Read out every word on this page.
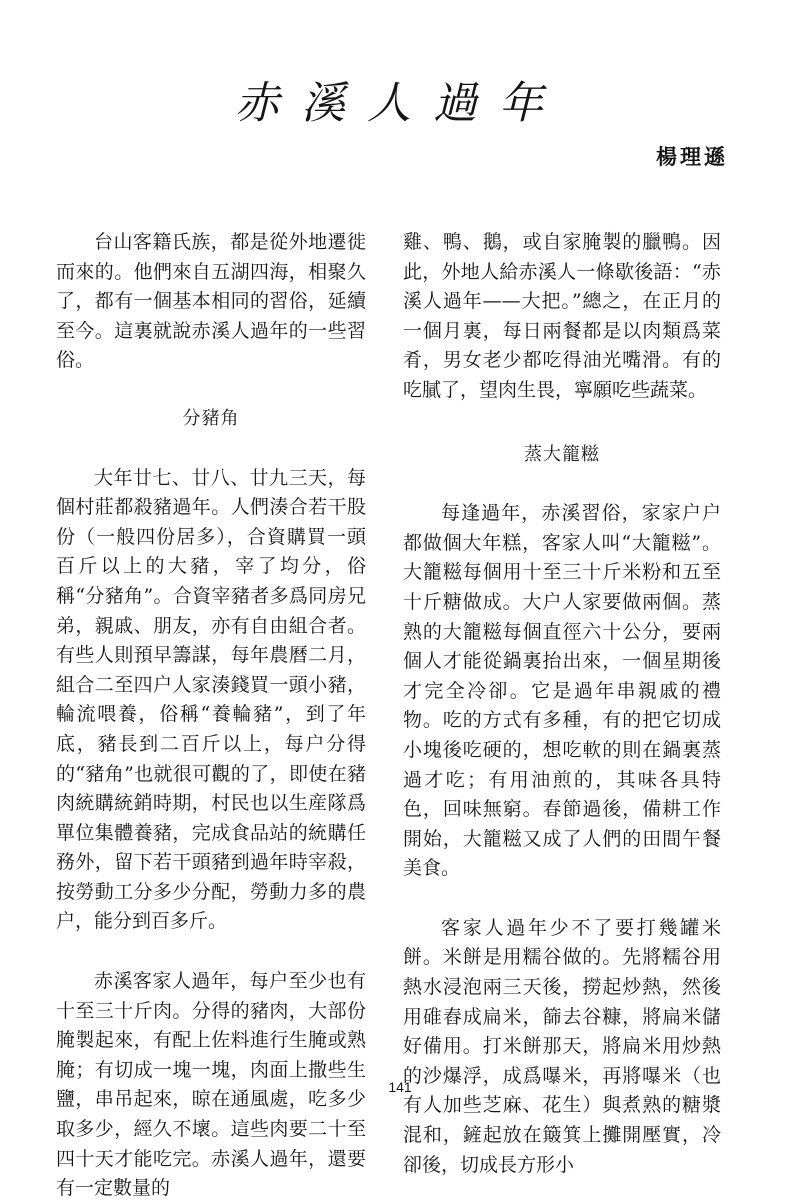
赤溪人過年
楊理遜

台山客籍氏族，都是從外地遷徙而來的。他們來自五湖四海，相聚久了，都有一個基本相同的習俗，延續至今。這裏就說赤溪人過年的一些習俗。

分豬角

大年廿七、廿八、廿九三天，每個村莊都殺豬過年。人們湊合若干股份（一般四份居多），合資購買一頭百斤以上的大豬，宰了均分，俗稱“分豬角”。合資宰豬者多爲同房兄弟，親戚、朋友，亦有自由組合者。有些人則預早籌謀，每年農曆二月，組合二至四户人家湊錢買一頭小豬，輪流喂養，俗稱“養輪豬”，到了年底，豬長到二百斤以上，每户分得的“豬角”也就很可觀的了，即使在豬肉統購統銷時期，村民也以生産隊爲單位集體養豬，完成食品站的統購任務外，留下若干頭豬到過年時宰殺，按勞動工分多少分配，勞動力多的農户，能分到百多斤。

赤溪客家人過年，每户至少也有十至三十斤肉。分得的豬肉，大部份腌製起來，有配上佐料進行生腌或熟腌；有切成一塊一塊，肉面上撒些生鹽，串吊起來，晾在通風處，吃多少取多少，經久不壞。這些肉要二十至四十天才能吃完。赤溪人過年，還要有一定數量的

雞、鴨、鵝，或自家腌製的臘鴨。因此，外地人給赤溪人一條歇後語：“赤溪人過年——大把。”總之，在正月的一個月裏，每日兩餐都是以肉類爲菜肴，男女老少都吃得油光嘴滑。有的吃膩了，望肉生畏，寧願吃些蔬菜。

蒸大籠糍

每逢過年，赤溪習俗，家家户户都做個大年糕，客家人叫“大籠糍”。大籠糍每個用十至三十斤米粉和五至十斤糖做成。大户人家要做兩個。蒸熟的大籠糍每個直徑六十公分，要兩個人才能從鍋裏抬出來，一個星期後才完全冷卻。它是過年串親戚的禮物。吃的方式有多種，有的把它切成小塊後吃硬的，想吃軟的則在鍋裏蒸過才吃；有用油煎的，其味各具特色，回味無窮。春節過後，備耕工作開始，大籠糍又成了人們的田間午餐美食。

客家人過年少不了要打幾罐米餅。米餅是用糯谷做的。先將糯谷用熱水浸泡兩三天後，撈起炒熱，然後用碓舂成扁米，篩去谷糠，將扁米儲好備用。打米餅那天，將扁米用炒熱的沙爆浮，成爲嚗米，再將嚗米（也有人加些芝麻、花生）與煮熟的糖漿混和，鏟起放在簸箕上攤開壓實，冷卻後，切成長方形小

141
